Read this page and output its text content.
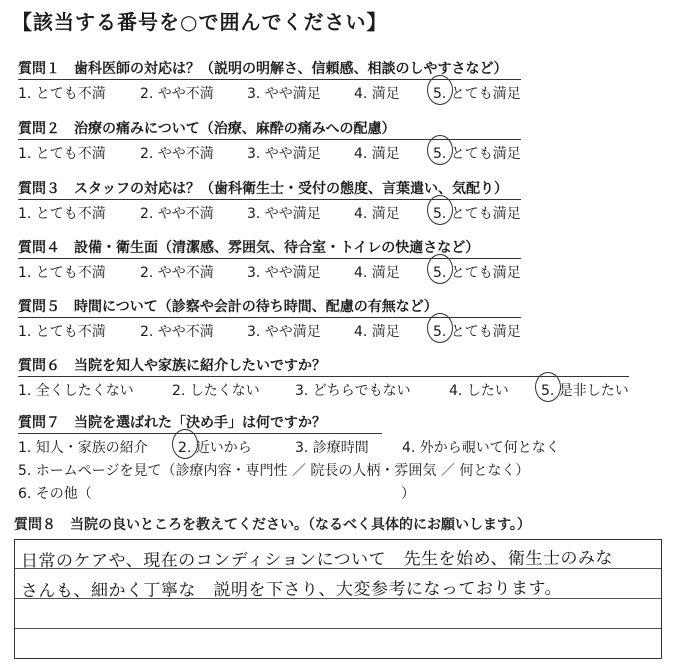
【該当する番号を○で囲んでください】
質問１ 歯科医師の対応は？（説明の明解さ、信頼感、相談のしやすさなど）
1. とても不満	2. やや不満	3. やや満足	4. 満足	5. とても満足
質問２ 治療の痛みについて（治療、麻酔の痛みへの配慮）
1. とても不満	2. やや不満	3. やや満足	4. 満足	5. とても満足
質問３ スタッフの対応は？（歯科衛生士・受付の態度、言葉遣い、気配り）
1. とても不満	2. やや不満	3. やや満足	4. 満足	5. とても満足
質問４ 設備・衛生面（清潔感、雰囲気、待合室・トイレの快適さなど）
1. とても不満	2. やや不満	3. やや満足	4. 満足	5. とても満足
質問５ 時間について（診察や会計の待ち時間、配慮の有無など）
1. とても不満	2. やや不満	3. やや満足	4. 満足	5. とても満足
質問６ 当院を知人や家族に紹介したいですか？
1. 全くしたくない	2. したくない	3. どちらでもない	4. したい	5. 是非したい
質問７ 当院を選ばれた「決め手」は何ですか？
1. 知人・家族の紹介	2. 近いから	3. 診療時間	4. 外から覗いて何となく
5. ホームページを見て（診療内容・専門性 ／ 院長の人柄・雰囲気 ／ 何となく）
6. その他（	）
質問８ 当院の良いところを教えてください。（なるべく具体的にお願いします。）
日常のケアや、現在のコンディションについて　先生を始め、衛生士のみな
さんも、細かく丁寧な　説明を下さり、大変参考になっております。
